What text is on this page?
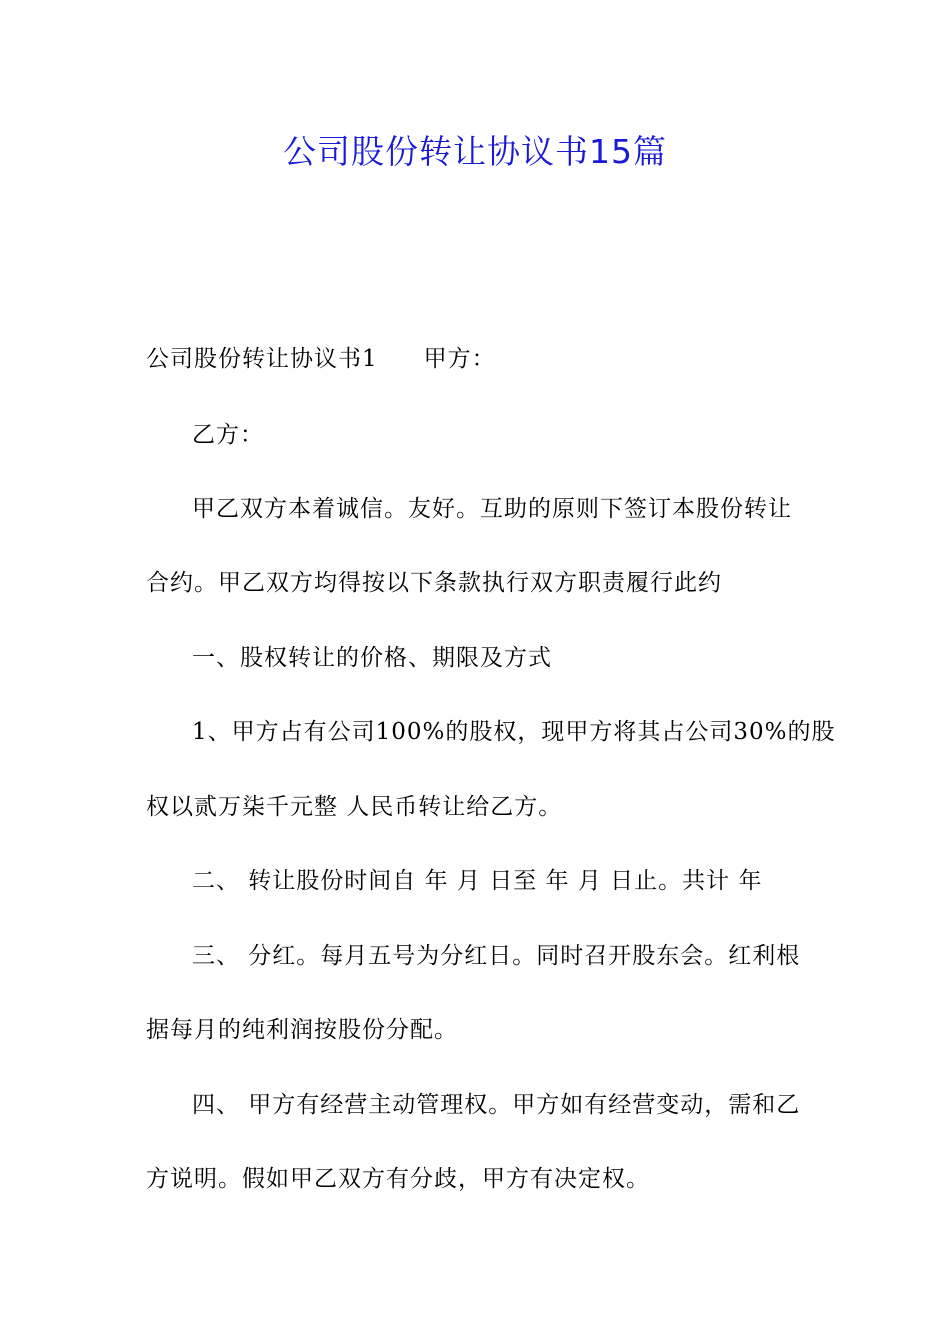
公司股份转让协议书15篇
公司股份转让协议书1 甲方：
乙方：
甲乙双方本着诚信。友好。互助的原则下签订本股份转让
合约。甲乙双方均得按以下条款执行双方职责履行此约
一、股权转让的价格、期限及方式
1、甲方占有公司100%的股权，现甲方将其占公司30%的股
权以贰万柒千元整 人民币转让给乙方。
二、 转让股份时间自 年 月 日至 年 月 日止。共计 年
三、 分红。每月五号为分红日。同时召开股东会。红利根
据每月的纯利润按股份分配。
四、 甲方有经营主动管理权。甲方如有经营变动，需和乙
方说明。假如甲乙双方有分歧，甲方有决定权。
